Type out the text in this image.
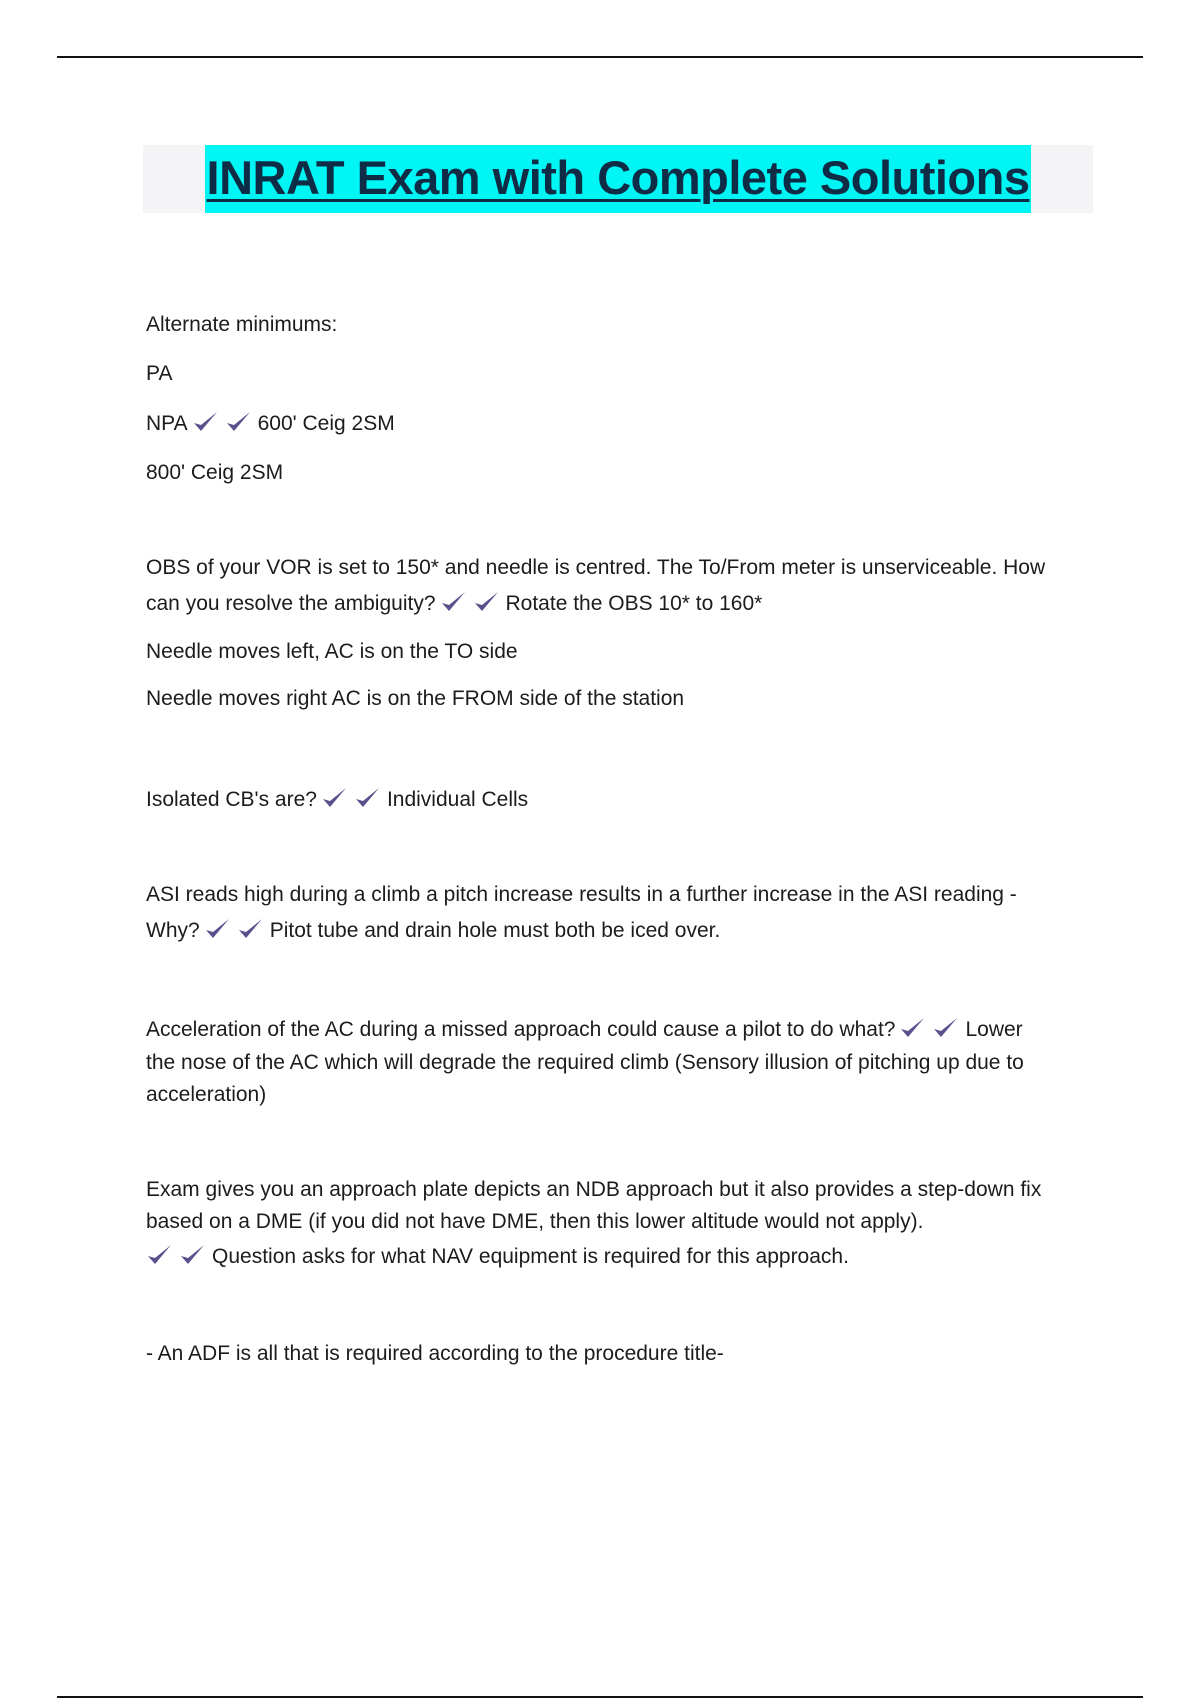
INRAT Exam with Complete Solutions
Alternate minimums:
PA
NPA	600' Ceig 2SM
800' Ceig 2SM
OBS of your VOR is set to 150* and needle is centred. The To/From meter is unserviceable. How
can you resolve the ambiguity?	Rotate the OBS 10* to 160*
Needle moves left, AC is on the TO side
Needle moves right AC is on the FROM side of the station
Isolated CB's are?	Individual Cells
ASI reads high during a climb a pitch increase results in a further increase in the ASI reading -
Why?	Pitot tube and drain hole must both be iced over.
Acceleration of the AC during a missed approach could cause a pilot to do what?	Lower
the nose of the AC which will degrade the required climb (Sensory illusion of pitching up due to
acceleration)
Exam gives you an approach plate depicts an NDB approach but it also provides a step-down fix
based on a DME (if you did not have DME, then this lower altitude would not apply).
Question asks for what NAV equipment is required for this approach.
- An ADF is all that is required according to the procedure title-
